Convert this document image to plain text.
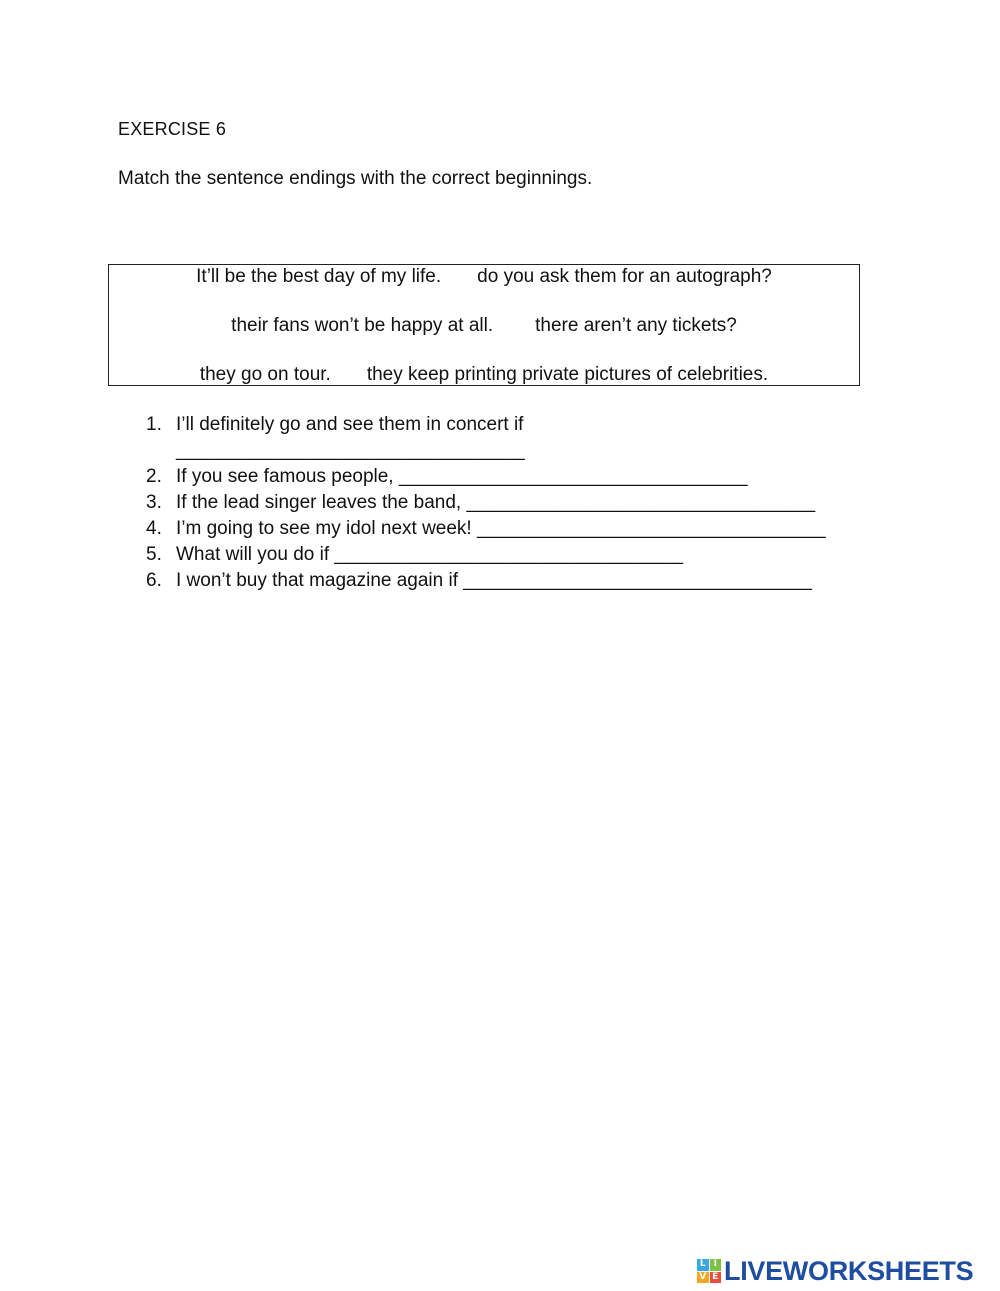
EXERCISE 6
Match the sentence endings with the correct beginnings.
It’ll be the best day of my life. do you ask them for an autograph?
their fans won’t be happy at all. there aren’t any tickets?
they go on tour. they keep printing private pictures of celebrities.
1. I’ll definitely go and see them in concert if
_________________________________
2. If you see famous people, _________________________________
3. If the lead singer leaves the band, _________________________________
4. I’m going to see my idol next week! _________________________________
5. What will you do if _________________________________
6. I won’t buy that magazine again if _________________________________
L I
V E LIVEWORKSHEETS
